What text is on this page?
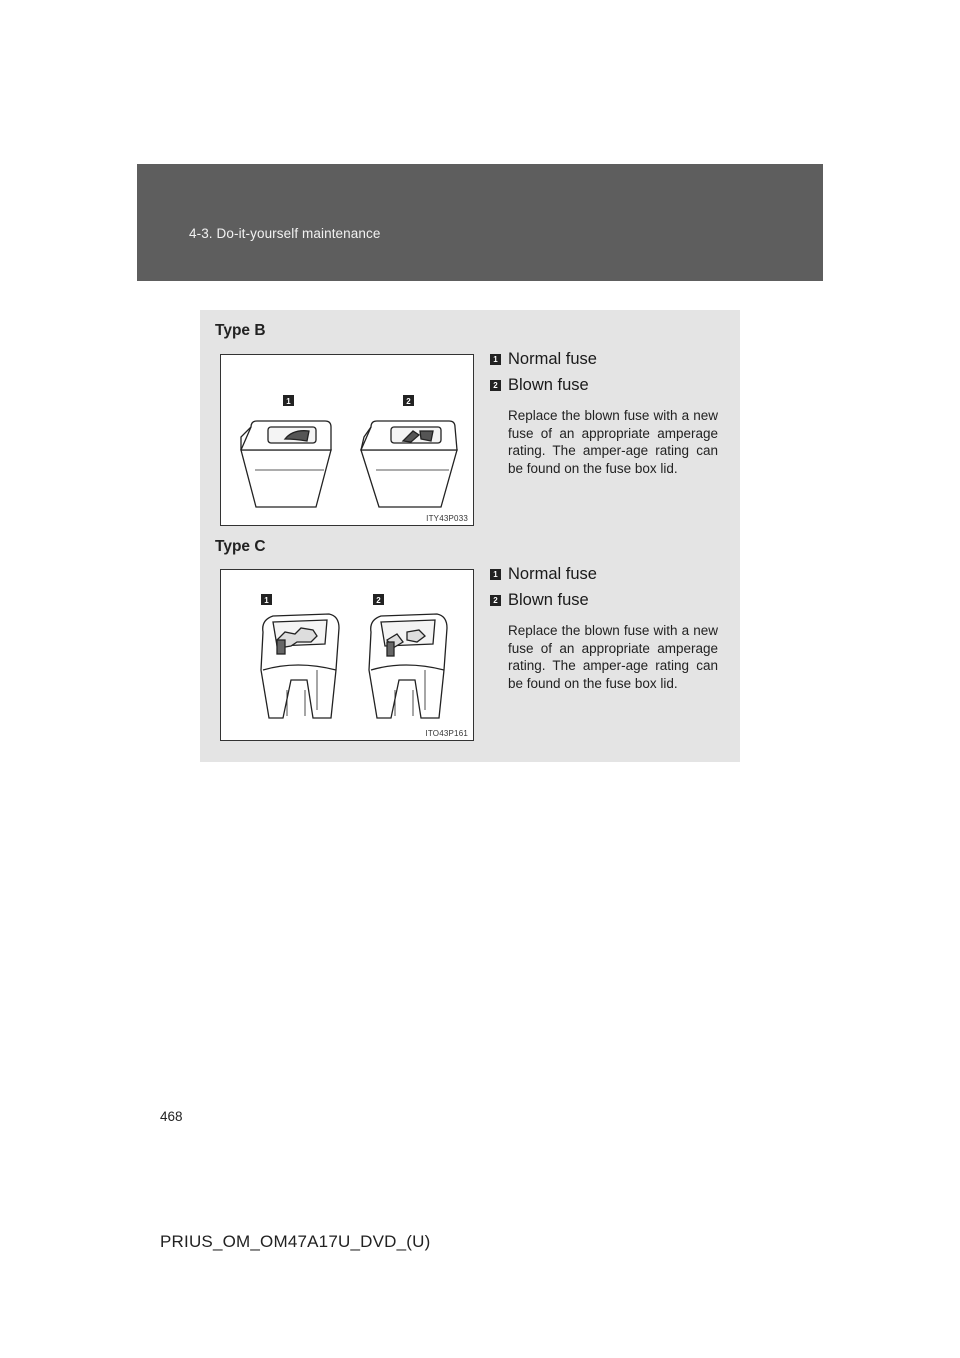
4-3. Do-it-yourself maintenance
Type B
1	2
ITY43P033
1 Normal fuse
2 Blown fuse
Replace the blown fuse with a new fuse of an appropriate amperage rating. The amper-age rating can be found on the fuse box lid.
Type C
1	2
ITO43P161
1 Normal fuse
2 Blown fuse
Replace the blown fuse with a new fuse of an appropriate amperage rating. The amper-age rating can be found on the fuse box lid.
468
PRIUS_OM_OM47A17U_DVD_(U)
